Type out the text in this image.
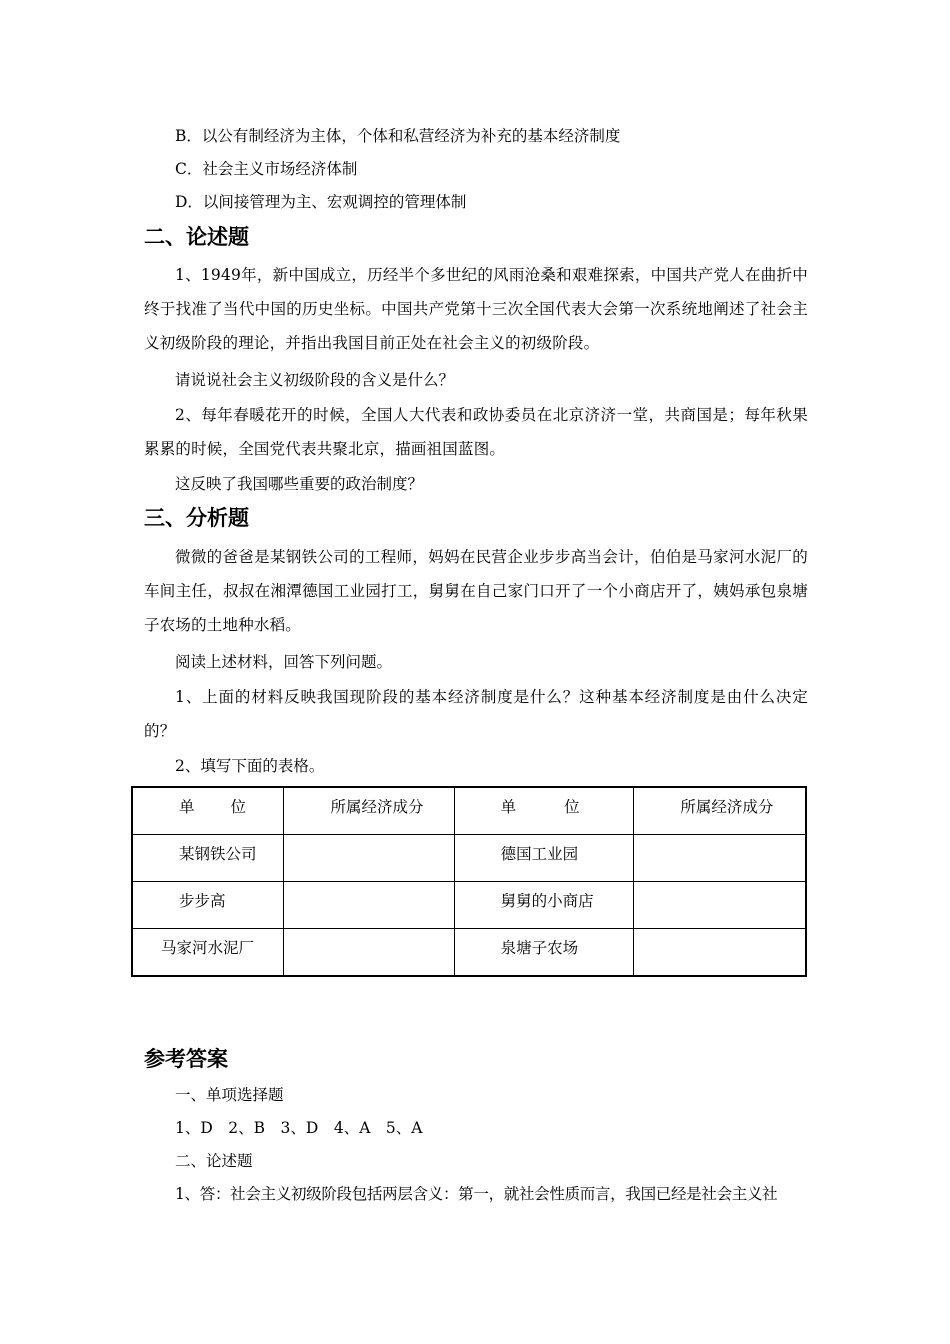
B．以公有制经济为主体，个体和私营经济为补充的基本经济制度
C．社会主义市场经济体制
D．以间接管理为主、宏观调控的管理体制
二、论述题
1、1949年，新中国成立，历经半个多世纪的风雨沧桑和艰难探索，中国共产党人在曲折中终于找准了当代中国的历史坐标。中国共产党第十三次全国代表大会第一次系统地阐述了社会主义初级阶段的理论，并指出我国目前正处在社会主义的初级阶段。
请说说社会主义初级阶段的含义是什么？
2、每年春暖花开的时候，全国人大代表和政协委员在北京济济一堂，共商国是；每年秋果累累的时候，全国党代表共聚北京，描画祖国蓝图。
这反映了我国哪些重要的政治制度？
三、分析题
微微的爸爸是某钢铁公司的工程师，妈妈在民营企业步步高当会计，伯伯是马家河水泥厂的车间主任，叔叔在湘潭德国工业园打工，舅舅在自己家门口开了一个小商店开了，姨妈承包泉塘子农场的土地种水稻。
阅读上述材料，回答下列问题。
1、上面的材料反映我国现阶段的基本经济制度是什么？这种基本经济制度是由什么决定的？
2、填写下面的表格。
单位	所属经济成分	单位	所属经济成分

某钢铁公司		德国工业园	

步步高		舅舅的小商店	

马家河水泥厂		泉塘子农场	

参考答案
一、单项选择题
1、D　2、B　3、D　4、A　5、A
二、论述题
1、答：社会主义初级阶段包括两层含义：第一，就社会性质而言，我国已经是社会主义社
